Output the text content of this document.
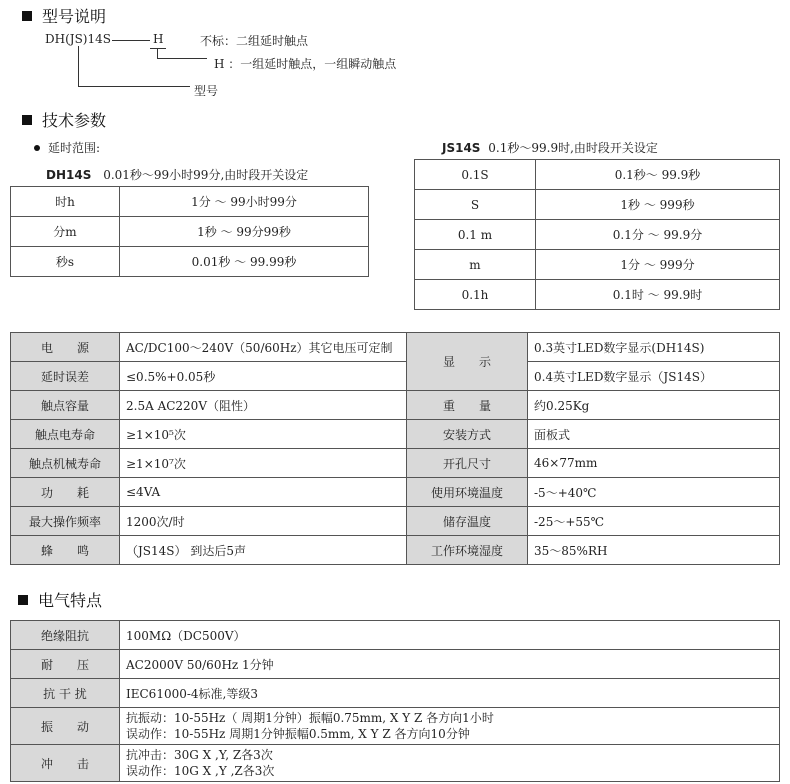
型号说明
DH(JS)14S	H	不标：二组延时触点
H ：一组延时触点，一组瞬动触点
型号
技术参数
延时范围:
DH14S 0.01秒～99小时99分,由时段开关设定
时h	1分 ～ 99小时99分
分m	1秒 ～ 99分99秒
秒s	0.01秒 ～ 99.99秒
JS14S 0.1秒～99.9时,由时段开关设定
0.1S	0.1秒～ 99.9秒
S	1秒 ～ 999秒
0.1 m	0.1分 ～ 99.9分
m	1分 ～ 999分
0.1h	0.1时 ～ 99.9时
电　　源	AC/DC100～240V（50/60Hz）其它电压可定制	显　　示	0.3英寸LED数字显示(DH14S)
延时误差	≤0.5%+0.05秒		0.4英寸LED数字显示（JS14S）
触点容量	2.5A AC220V（阻性）	重　　量	约0.25Kg
触点电寿命	≥1×10⁵次	安装方式	面板式
触点机械寿命	≥1×10⁷次	开孔尺寸	46×77mm
功　　耗	≤4VA	使用环境温度	-5～+40℃
最大操作频率	1200次/时	储存温度	-25～+55℃
蜂　　鸣	（JS14S） 到达后5声	工作环境湿度	35～85%RH
电气特点
绝缘阻抗	100MΩ（DC500V）
耐　　压	AC2000V 50/60Hz 1分钟
抗 干 扰	IEC61000-4标准,等级3
振　　动	抗振动：10-55Hz（ 周期1分钟）振幅0.75mm, X Y Z 各方向1小时
误动作：10-55Hz 周期1分钟振幅0.5mm, X Y Z 各方向10分钟

冲　　击	抗冲击：30G X ,Y, Z各3次
误动作：10G X ,Y ,Z各3次
